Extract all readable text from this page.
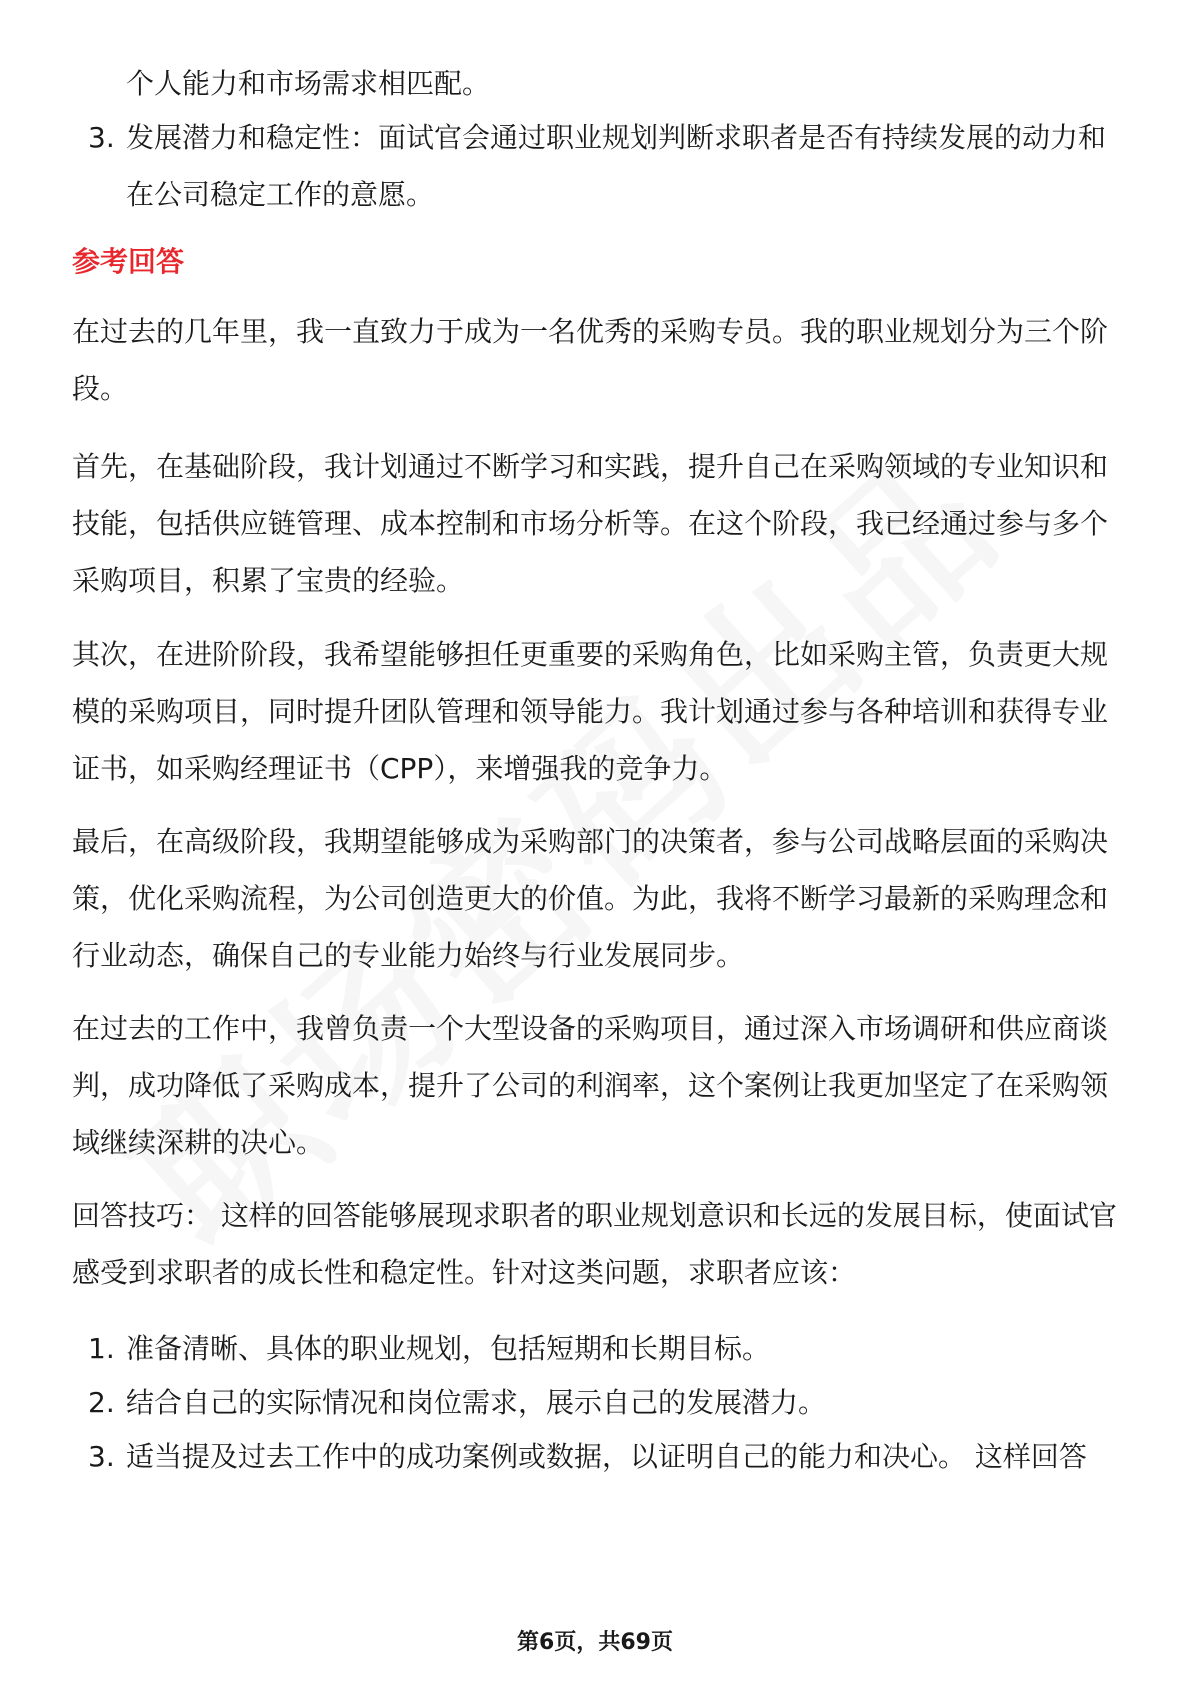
个人能力和市场需求相匹配。
3. 发展潜力和稳定性：面试官会通过职业规划判断求职者是否有持续发展的动力和在公司稳定工作的意愿。
参考回答

在过去的几年里，我一直致力于成为一名优秀的采购专员。我的职业规划分为三个阶段。

首先，在基础阶段，我计划通过不断学习和实践，提升自己在采购领域的专业知识和技能，包括供应链管理、成本控制和市场分析等。在这个阶段，我已经通过参与多个采购项目，积累了宝贵的经验。

其次，在进阶阶段，我希望能够担任更重要的采购角色，比如采购主管，负责更大规模的采购项目，同时提升团队管理和领导能力。我计划通过参与各种培训和获得专业证书，如采购经理证书（CPP），来增强我的竞争力。

最后，在高级阶段，我期望能够成为采购部门的决策者，参与公司战略层面的采购决策，优化采购流程，为公司创造更大的价值。为此，我将不断学习最新的采购理念和行业动态，确保自己的专业能力始终与行业发展同步。

在过去的工作中，我曾负责一个大型设备的采购项目，通过深入市场调研和供应商谈判，成功降低了采购成本，提升了公司的利润率，这个案例让我更加坚定了在采购领域继续深耕的决心。

回答技巧： 这样的回答能够展现求职者的职业规划意识和长远的发展目标，使面试官感受到求职者的成长性和稳定性。针对这类问题，求职者应该：

1. 准备清晰、具体的职业规划，包括短期和长期目标。
2. 结合自己的实际情况和岗位需求，展示自己的发展潜力。
3. 适当提及过去工作中的成功案例或数据，以证明自己的能力和决心。 这样回答
第6页，共69页
